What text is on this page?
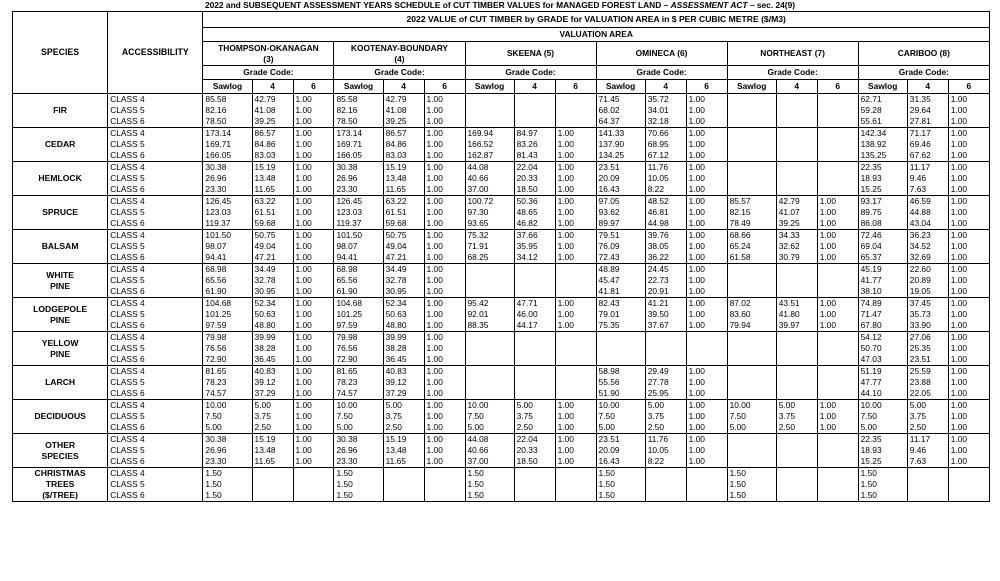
2022 and SUBSEQUENT ASSESSMENT YEARS SCHEDULE of CUT TIMBER VALUES for MANAGED FOREST LAND – ASSESSMENT ACT – sec. 24(9)
SPECIES	ACCESSIBILITY	2022 VALUE of CUT TIMBER by GRADE for VALUATION AREA in $ PER CUBIC METRE ($/M3)																	
		VALUATION AREA																	
		THOMPSON-OKANAGAN
(3)			KOOTENAY-BOUNDARY
(4)			SKEENA (5)			OMINECA (6)			NORTHEAST (7)			CARIBOO (8)		
		Grade Code:			Grade Code:			Grade Code:			Grade Code:			Grade Code:			Grade Code:		
		Sawlog	4	6	Sawlog	4	6	Sawlog	4	6	Sawlog	4	6	Sawlog	4	6	Sawlog	4	6
FIR	CLASS 4	85.58	42.79	1.00	85.58	42.79	1.00				71.45	35.72	1.00				62.71	31.35	1.00
	CLASS 5	82.16	41.08	1.00	82.16	41.08	1.00				68.02	34.01	1.00				59.28	29.64	1.00
	CLASS 6	78.50	39.25	1.00	78.50	39.25	1.00				64.37	32.18	1.00				55.61	27.81	1.00
CEDAR	CLASS 4	173.14	86.57	1.00	173.14	86.57	1.00	169.94	84.97	1.00	141.33	70.66	1.00				142.34	71.17	1.00
	CLASS 5	169.71	84.86	1.00	169.71	84.86	1.00	166.52	83.26	1.00	137.90	68.95	1.00				138.92	69.46	1.00
	CLASS 6	166.05	83.03	1.00	166.05	83.03	1.00	162.87	81.43	1.00	134.25	67.12	1.00				135.25	67.62	1.00
HEMLOCK	CLASS 4	30.38	15.19	1.00	30.38	15.19	1.00	44.08	22.04	1.00	23.51	11.76	1.00				22.35	11.17	1.00
	CLASS 5	26.96	13.48	1.00	26.96	13.48	1.00	40.66	20.33	1.00	20.09	10.05	1.00				18.93	9.46	1.00
	CLASS 6	23.30	11.65	1.00	23.30	11.65	1.00	37.00	18.50	1.00	16.43	8.22	1.00				15.25	7.63	1.00
SPRUCE	CLASS 4	126.45	63.22	1.00	126.45	63.22	1.00	100.72	50.36	1.00	97.05	48.52	1.00	85.57	42.79	1.00	93.17	46.59	1.00
	CLASS 5	123.03	61.51	1.00	123.03	61.51	1.00	97.30	48.65	1.00	93.62	46.81	1.00	82.15	41.07	1.00	89.75	44.88	1.00
	CLASS 6	119.37	59.68	1.00	119.37	59.68	1.00	93.65	46.82	1.00	89.97	44.98	1.00	78.49	39.25	1.00	86.08	43.04	1.00
BALSAM	CLASS 4	101.50	50.75	1.00	101.50	50.75	1.00	75.32	37.66	1.00	79.51	39.76	1.00	68.66	34.33	1.00	72.46	36.23	1.00
	CLASS 5	98.07	49.04	1.00	98.07	49.04	1.00	71.91	35.95	1.00	76.09	38.05	1.00	65.24	32.62	1.00	69.04	34.52	1.00
	CLASS 6	94.41	47.21	1.00	94.41	47.21	1.00	68.25	34.12	1.00	72.43	36.22	1.00	61.58	30.79	1.00	65.37	32.69	1.00
WHITE
PINE	CLASS 4	68.98	34.49	1.00	68.98	34.49	1.00				48.89	24.45	1.00				45.19	22.60	1.00
	CLASS 5	65.56	32.78	1.00	65.56	32.78	1.00				45.47	22.73	1.00				41.77	20.89	1.00
	CLASS 6	61.90	30.95	1.00	61.90	30.95	1.00				41.81	20.91	1.00				38.10	19.05	1.00
LODGEPOLE
PINE	CLASS 4	104.68	52.34	1.00	104.68	52.34	1.00	95.42	47.71	1.00	82.43	41.21	1.00	87.02	43.51	1.00	74.89	37.45	1.00
	CLASS 5	101.25	50.63	1.00	101.25	50.63	1.00	92.01	46.00	1.00	79.01	39.50	1.00	83.60	41.80	1.00	71.47	35.73	1.00
	CLASS 6	97.59	48.80	1.00	97.59	48.80	1.00	88.35	44.17	1.00	75.35	37.67	1.00	79.94	39.97	1.00	67.80	33.90	1.00
YELLOW
PINE	CLASS 4	79.98	39.99	1.00	79.98	39.99	1.00										54.12	27.06	1.00
	CLASS 5	76.56	38.28	1.00	76.56	38.28	1.00										50.70	25.35	1.00
	CLASS 6	72.90	36.45	1.00	72.90	36.45	1.00										47.03	23.51	1.00
LARCH	CLASS 4	81.65	40.83	1.00	81.65	40.83	1.00				58.98	29.49	1.00				51.19	25.59	1.00
	CLASS 5	78.23	39.12	1.00	78.23	39.12	1.00				55.56	27.78	1.00				47.77	23.88	1.00
	CLASS 6	74.57	37.29	1.00	74.57	37.29	1.00				51.90	25.95	1.00				44.10	22.05	1.00
DECIDUOUS	CLASS 4	10.00	5.00	1.00	10.00	5.00	1.00	10.00	5.00	1.00	10.00	5.00	1.00	10.00	5.00	1.00	10.00	5.00	1.00
	CLASS 5	7.50	3.75	1.00	7.50	3.75	1.00	7.50	3.75	1.00	7.50	3.75	1.00	7.50	3.75	1.00	7.50	3.75	1.00
	CLASS 6	5.00	2.50	1.00	5.00	2.50	1.00	5.00	2.50	1.00	5.00	2.50	1.00	5.00	2.50	1.00	5.00	2.50	1.00
OTHER
SPECIES	CLASS 4	30.38	15.19	1.00	30.38	15.19	1.00	44.08	22.04	1.00	23.51	11.76	1.00				22.35	11.17	1.00
	CLASS 5	26.96	13.48	1.00	26.96	13.48	1.00	40.66	20.33	1.00	20.09	10.05	1.00				18.93	9.46	1.00
	CLASS 6	23.30	11.65	1.00	23.30	11.65	1.00	37.00	18.50	1.00	16.43	8.22	1.00				15.25	7.63	1.00
CHRISTMAS
TREES
($/TREE)	CLASS 4	1.50			1.50			1.50			1.50			1.50			1.50		
	CLASS 5	1.50			1.50			1.50			1.50			1.50			1.50		
	CLASS 6	1.50			1.50			1.50			1.50			1.50			1.50		
